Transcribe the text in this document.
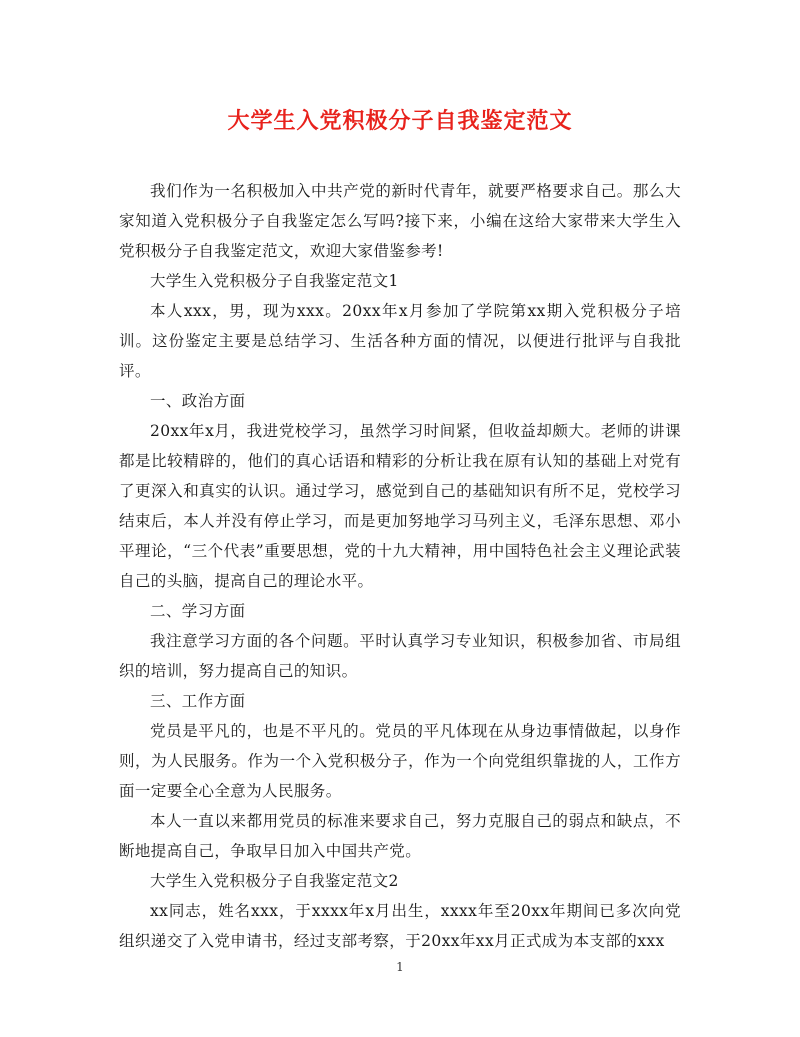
大学生入党积极分子自我鉴定范文

我们作为一名积极加入中共产党的新时代青年，就要严格要求自己。那么大家知道入党积极分子自我鉴定怎么写吗?接下来，小编在这给大家带来大学生入党积极分子自我鉴定范文，欢迎大家借鉴参考!

大学生入党积极分子自我鉴定范文1

本人xxx，男，现为xxx。20xx年x月参加了学院第xx期入党积极分子培训。这份鉴定主要是总结学习、生活各种方面的情况，以便进行批评与自我批评。

一、政治方面

20xx年x月，我进党校学习，虽然学习时间紧，但收益却颇大。老师的讲课都是比较精辟的，他们的真心话语和精彩的分析让我在原有认知的基础上对党有了更深入和真实的认识。通过学习，感觉到自己的基础知识有所不足，党校学习结束后，本人并没有停止学习，而是更加努地学习马列主义，毛泽东思想、邓小平理论，“三个代表”重要思想，党的十九大精神，用中国特色社会主义理论武装自己的头脑，提高自己的理论水平。

二、学习方面

我注意学习方面的各个问题。平时认真学习专业知识，积极参加省、市局组织的培训，努力提高自己的知识。

三、工作方面

党员是平凡的，也是不平凡的。党员的平凡体现在从身边事情做起，以身作则，为人民服务。作为一个入党积极分子，作为一个向党组织靠拢的人，工作方面一定要全心全意为人民服务。

本人一直以来都用党员的标准来要求自己，努力克服自己的弱点和缺点，不断地提高自己，争取早日加入中国共产党。

大学生入党积极分子自我鉴定范文2

xx同志，姓名xxx，于xxxx年x月出生，xxxx年至20xx年期间已多次向党组织递交了入党申请书，经过支部考察，于20xx年xx月正式成为本支部的xxx

1
